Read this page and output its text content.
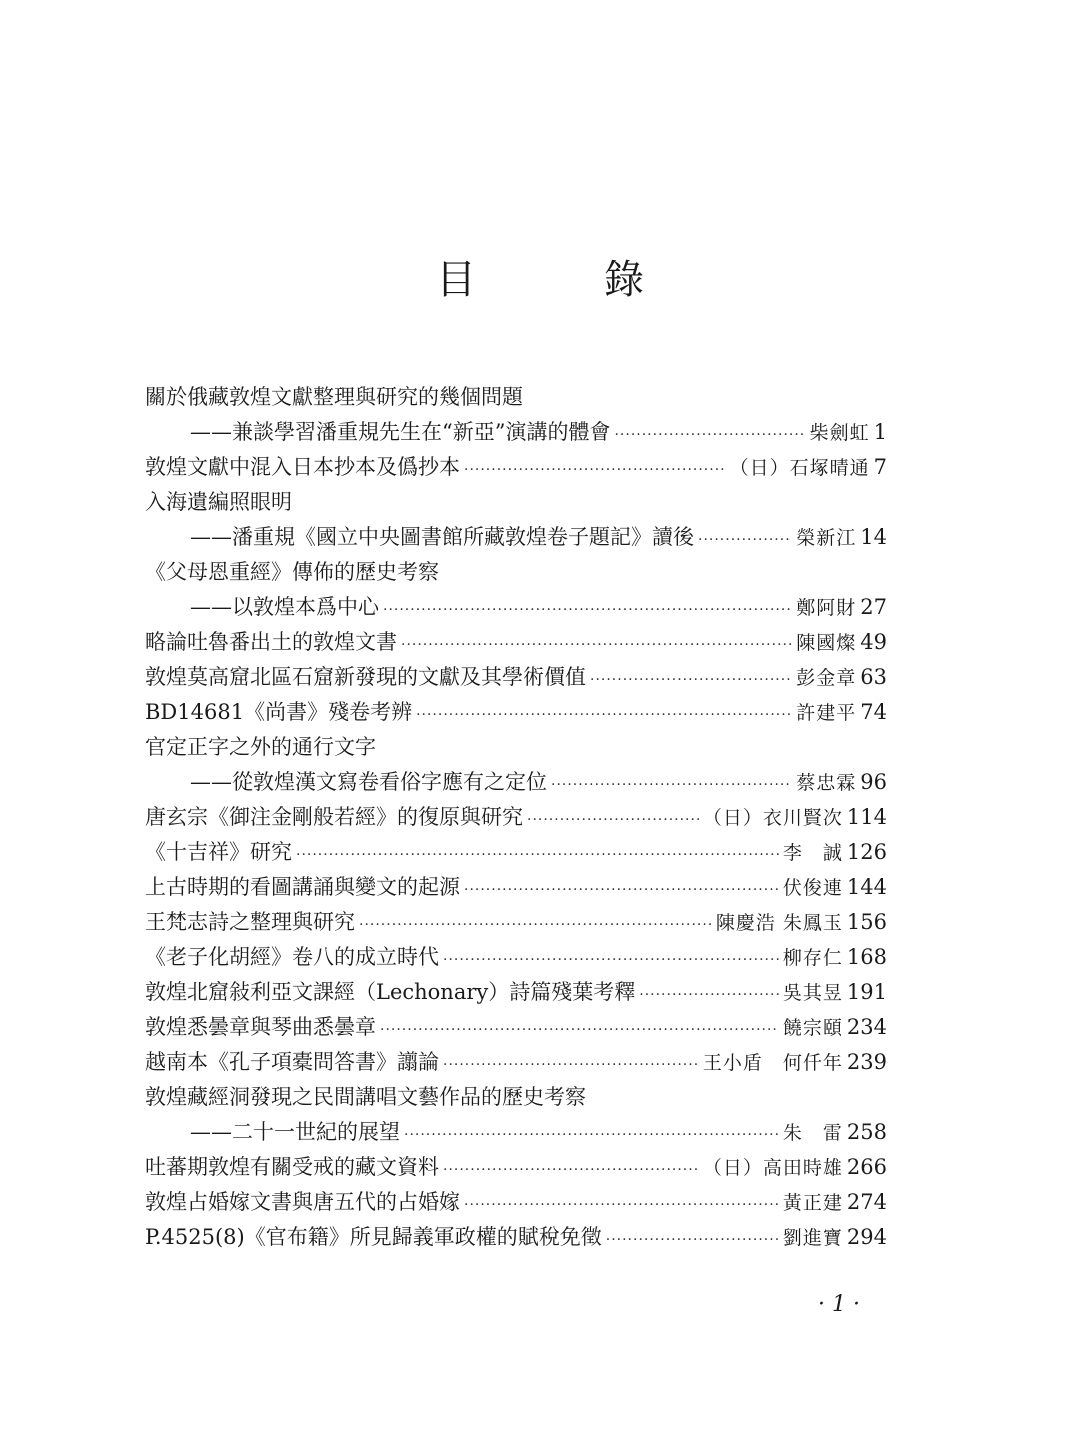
目　錄
關於俄藏敦煌文獻整理與研究的幾個問題
——兼談學習潘重規先生在“新亞”演講的體會 ·····	柴劍虹 1
敦煌文獻中混入日本抄本及僞抄本 ·····	（日）石塚晴通 7
入海遺編照眼明
——潘重規《國立中央圖書館所藏敦煌卷子題記》讀後 ·····	榮新江 14
《父母恩重經》傳佈的歷史考察
——以敦煌本爲中心 ·····	鄭阿財 27
略論吐魯番出土的敦煌文書 ·····	陳國燦 49
敦煌莫高窟北區石窟新發現的文獻及其學術價值 ·····	彭金章 63
BD14681《尚書》殘卷考辨 ·····	許建平 74
官定正字之外的通行文字
——從敦煌漢文寫卷看俗字應有之定位 ·····	蔡忠霖 96
唐玄宗《御注金剛般若經》的復原與研究 ·····	（日）衣川賢次 114
《十吉祥》研究 ·····	李　誠 126
上古時期的看圖講誦與變文的起源 ·····	伏俊連 144
王梵志詩之整理與研究 ·····	陳慶浩 朱鳳玉 156
《老子化胡經》卷八的成立時代 ·····	柳存仁 168
敦煌北窟敍利亞文課經（Lechonary）詩篇殘葉考釋 ·····	吳其昱 191
敦煌悉曇章與琴曲悉曇章 ·····	饒宗頤 234
越南本《孔子項橐問答書》譾論 ·····	王小盾　何仟年 239
敦煌藏經洞發現之民間講唱文藝作品的歷史考察
——二十一世紀的展望 ·····	朱　雷 258
吐蕃期敦煌有關受戒的藏文資料 ·····	（日）高田時雄 266
敦煌占婚嫁文書與唐五代的占婚嫁 ·····	黃正建 274
P.4525(8)《官布籍》所見歸義軍政權的賦稅免徵 ·····	劉進寶 294
· 1 ·
